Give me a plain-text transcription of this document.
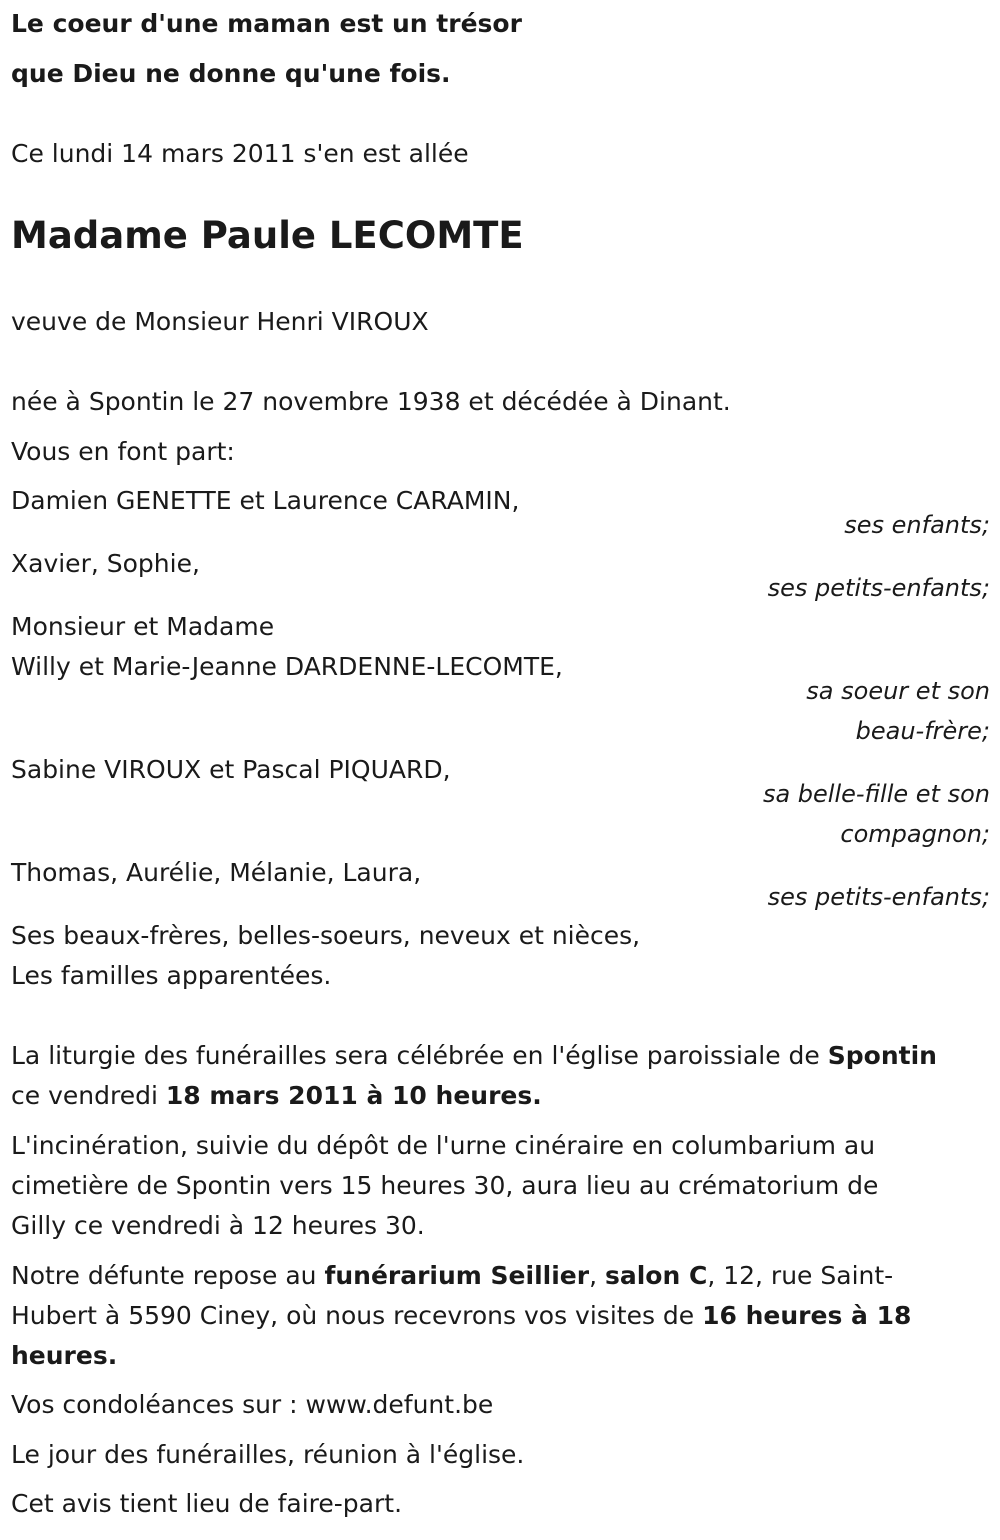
Le coeur d'une maman est un trésor
que Dieu ne donne qu'une fois.
Ce lundi 14 mars 2011 s'en est allée
Madame Paule LECOMTE
veuve de Monsieur Henri VIROUX
née à Spontin le 27 novembre 1938 et décédée à Dinant.
Vous en font part:
Damien GENETTE et Laurence CARAMIN,
ses enfants;
Xavier, Sophie,
ses petits-enfants;
Monsieur et Madame
Willy et Marie-Jeanne DARDENNE-LECOMTE,
sa soeur et son
beau-frère;
Sabine VIROUX et Pascal PIQUARD,
sa belle-fille et son
compagnon;
Thomas, Aurélie, Mélanie, Laura,
ses petits-enfants;
Ses beaux-frères, belles-soeurs, neveux et nièces,
Les familles apparentées.
La liturgie des funérailles sera célébrée en l'église paroissiale de Spontin
ce vendredi 18 mars 2011 à 10 heures.
L'incinération, suivie du dépôt de l'urne cinéraire en columbarium au
cimetière de Spontin vers 15 heures 30, aura lieu au crématorium de
Gilly ce vendredi à 12 heures 30.
Notre défunte repose au funérarium Seillier, salon C, 12, rue Saint-
Hubert à 5590 Ciney, où nous recevrons vos visites de 16 heures à 18
heures.
Vos condoléances sur : www.defunt.be
Le jour des funérailles, réunion à l'église.
Cet avis tient lieu de faire-part.
